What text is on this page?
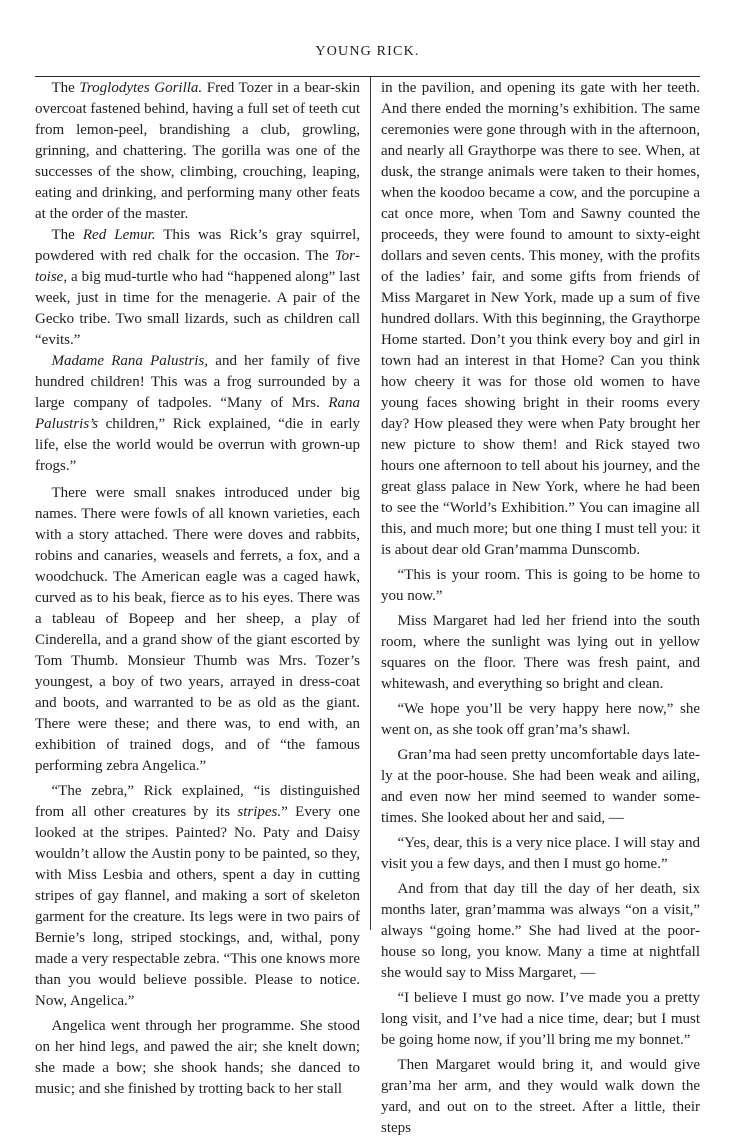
YOUNG RICK.

The Troglodytes Gorilla. Fred Tozer in a bear-skin overcoat fastened behind, having a full set of teeth cut from lemon-peel, brandishing a club, growling, grinning, and chattering. The gorilla was one of the successes of the show, climbing, crouching, leaping, eating and drinking, and performing many other feats at the order of the master.

The Red Lemur. This was Rick’s gray squirrel, powdered with red chalk for the occasion. The Tortoise, a big mud-turtle who had “happened along” last week, just in time for the menagerie. A pair of the Gecko tribe. Two small lizards, such as children call “evits.”

Madame Rana Palustris, and her family of five hundred children! This was a frog surrounded by a large company of tadpoles. “Many of Mrs. Rana Palustris’s children,” Rick explained, “die in early life, else the world would be overrun with grown-up frogs.”

There were small snakes introduced under big names. There were fowls of all known varieties, each with a story attached. There were doves and rabbits, robins and canaries, weasels and ferrets, a fox, and a woodchuck. The American eagle was a caged hawk, curved as to his beak, fierce as to his eyes. There was a tableau of Bopeep and her sheep, a play of Cinderella, and a grand show of the giant escorted by Tom Thumb. Monsieur Thumb was Mrs. Tozer’s youngest, a boy of two years, arrayed in dress-coat and boots, and warranted to be as old as the giant. There were these; and there was, to end with, an exhibition of trained dogs, and of “the famous performing zebra Angelica.”

“The zebra,” Rick explained, “is distinguished from all other creatures by its stripes.” Every one looked at the stripes. Painted? No. Paty and Daisy wouldn’t allow the Austin pony to be painted, so they, with Miss Lesbia and others, spent a day in cutting stripes of gay flannel, and making a sort of skeleton garment for the creature. Its legs were in two pairs of Bernie’s long, striped stockings, and, withal, pony made a very respectable zebra. “This one knows more than you would believe possible. Please to notice. Now, Angelica.”

Angelica went through her programme. She stood on her hind legs, and pawed the air; she knelt down; she made a bow; she shook hands; she danced to music; and she finished by trotting back to her stall

in the pavilion, and opening its gate with her teeth. And there ended the morning’s exhibition. The same ceremonies were gone through with in the afternoon, and nearly all Graythorpe was there to see. When, at dusk, the strange animals were taken to their homes, when the koodoo became a cow, and the porcupine a cat once more, when Tom and Sawny counted the proceeds, they were found to amount to sixty-eight dollars and seven cents. This money, with the profits of the ladies’ fair, and some gifts from friends of Miss Margaret in New York, made up a sum of five hundred dollars. With this beginning, the Graythorpe Home started. Don’t you think every boy and girl in town had an interest in that Home? Can you think how cheery it was for those old women to have young faces showing bright in their rooms every day? How pleased they were when Paty brought her new picture to show them! and Rick stayed two hours one afternoon to tell about his journey, and the great glass palace in New York, where he had been to see the “World’s Exhibition.” You can imagine all this, and much more; but one thing I must tell you: it is about dear old Gran’mamma Dunscomb.

“This is your room. This is going to be home to you now.”

Miss Margaret had led her friend into the south room, where the sunlight was lying out in yellow squares on the floor. There was fresh paint, and whitewash, and everything so bright and clean.

“We hope you’ll be very happy here now,” she went on, as she took off gran’ma’s shawl.

Gran’ma had seen pretty uncomfortable days lately at the poor-house. She had been weak and ailing, and even now her mind seemed to wander sometimes. She looked about her and said, —

“Yes, dear, this is a very nice place. I will stay and visit you a few days, and then I must go home.”

And from that day till the day of her death, six months later, gran’mamma was always “on a visit,” always “going home.” She had lived at the poorhouse so long, you know. Many a time at nightfall she would say to Miss Margaret, —

“I believe I must go now. I’ve made you a pretty long visit, and I’ve had a nice time, dear; but I must be going home now, if you’ll bring me my bonnet.”

Then Margaret would bring it, and would give gran’ma her arm, and they would walk down the yard, and out on to the street. After a little, their steps
